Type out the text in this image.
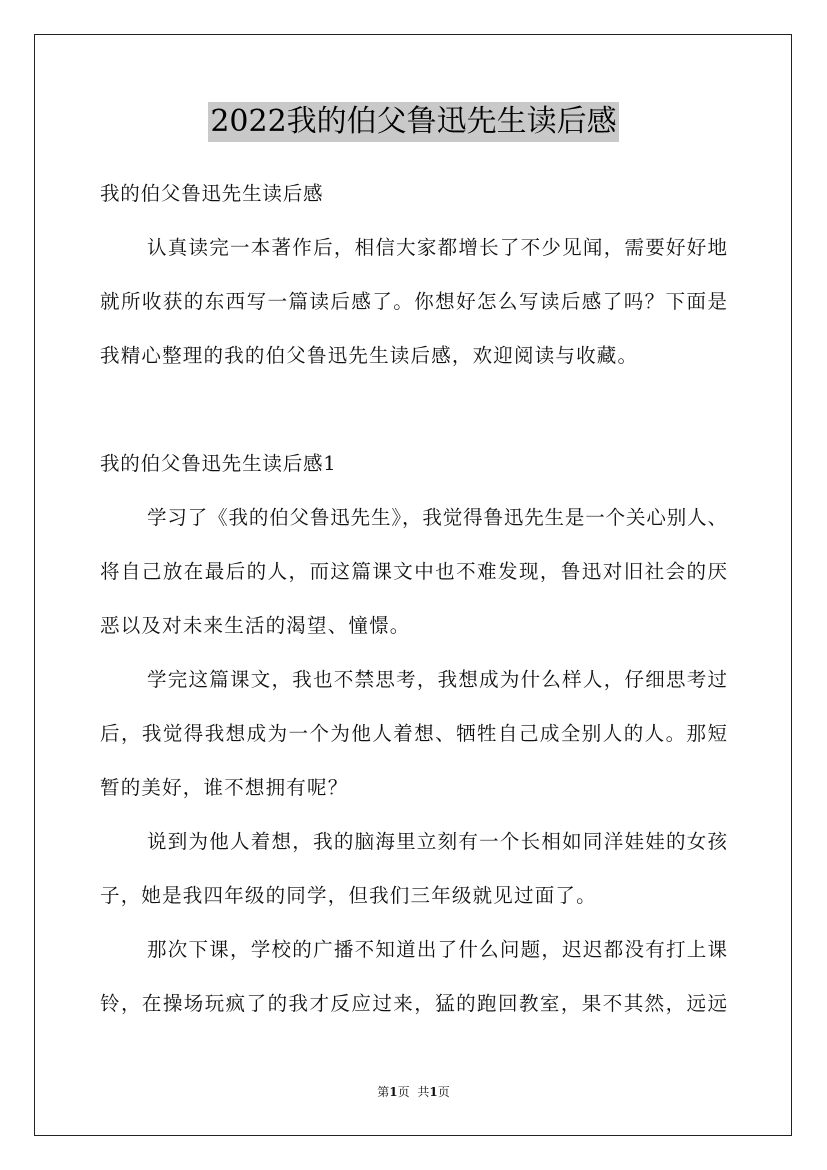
2022我的伯父鲁迅先生读后感
我的伯父鲁迅先生读后感
认真读完一本著作后，相信大家都增长了不少见闻，需要好好地
就所收获的东西写一篇读后感了。你想好怎么写读后感了吗？下面是
我精心整理的我的伯父鲁迅先生读后感，欢迎阅读与收藏。
我的伯父鲁迅先生读后感1
学习了《我的伯父鲁迅先生》，我觉得鲁迅先生是一个关心别人、
将自己放在最后的人，而这篇课文中也不难发现，鲁迅对旧社会的厌
恶以及对未来生活的渴望、憧憬。
学完这篇课文，我也不禁思考，我想成为什么样人，仔细思考过
后，我觉得我想成为一个为他人着想、牺牲自己成全别人的人。那短
暂的美好，谁不想拥有呢？
说到为他人着想，我的脑海里立刻有一个长相如同洋娃娃的女孩
子，她是我四年级的同学，但我们三年级就见过面了。
那次下课，学校的广播不知道出了什么问题，迟迟都没有打上课
铃，在操场玩疯了的我才反应过来，猛的跑回教室，果不其然，远远
第1页 共1页
